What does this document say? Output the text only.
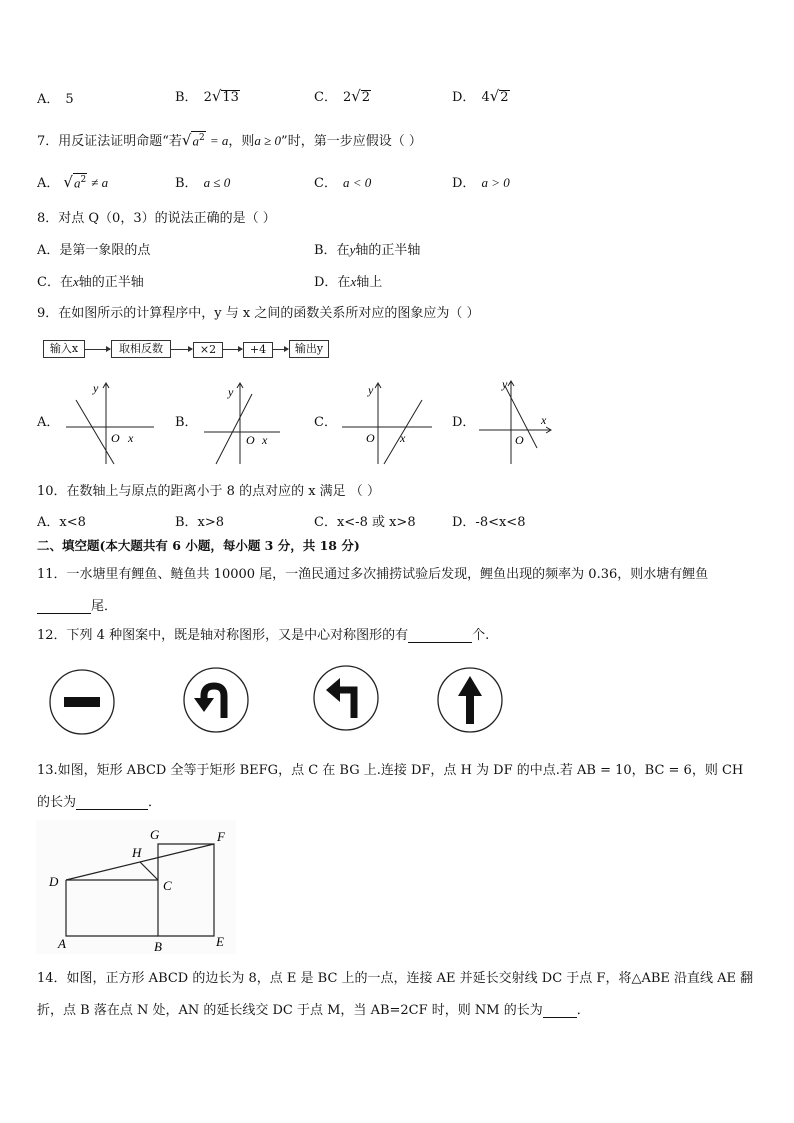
A． 5	B． 2√13	C． 2√2	D． 4√2
7．用反证法证明命题“若$√a^2 = a$，则a ≥ 0”时，第一步应假设（ ）
A． $√a^2 \ne a$	B． a ≤ 0	C． a < 0	D． a > 0
8．对点 Q（0，3）的说法正确的是（ ）
A．是第一象限的点	B．在y轴的正半轴
C．在x轴的正半轴	D．在x轴上
9．在如图所示的计算程序中，y 与 x 之间的函数关系所对应的图象应为（ ）
输入x	取相反数	×2	+4	输出y
A．	B．	C．	D．
y
O x
y
O x
y
O x
y
O
x
10．在数轴上与原点的距离小于 8 的点对应的 x 满足 （ ）
A．x<8	B．x>8	C．x<-8 或 x>8	D．-8<x<8
二、填空题(本大题共有 6 小题，每小题 3 分，共 18 分)
11．一水塘里有鲤鱼、鲢鱼共 10000 尾，一渔民通过多次捕捞试验后发现，鲤鱼出现的频率为 0.36，则水塘有鲤鱼
尾．
12．下列 4 种图案中，既是轴对称图形，又是中心对称图形的有	个.
13.如图，矩形 ABCD 全等于矩形 BEFG，点 C 在 BG 上.连接 DF，点 H 为 DF 的中点.若 AB = 10，BC = 6，则 CH
的长为	．
G	F
H
D	C
A	B	E
14．如图，正方形 ABCD 的边长为 8，点 E 是 BC 上的一点，连接 AE 并延长交射线 DC 于点 F，将△ABE 沿直线 AE 翻
折，点 B 落在点 N 处，AN 的延长线交 DC 于点 M，当 AB=2CF 时，则 NM 的长为	．
